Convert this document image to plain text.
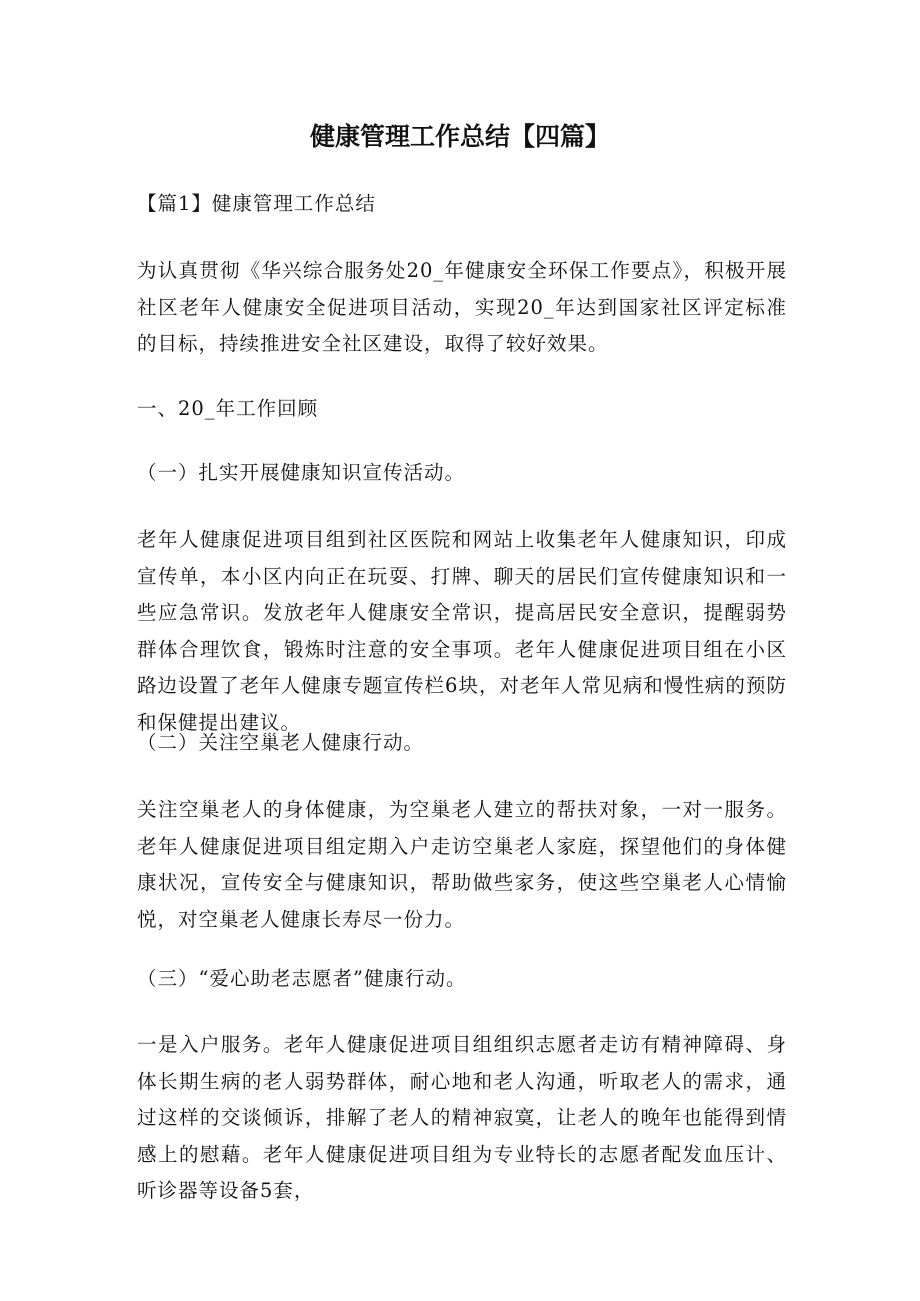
健康管理工作总结【四篇】
【篇1】健康管理工作总结

为认真贯彻《华兴综合服务处20_年健康安全环保工作要点》，积极开展社区老年人健康安全促进项目活动，实现20_年达到国家社区评定标准的目标，持续推进安全社区建设，取得了较好效果。

一、20_年工作回顾
（一）扎实开展健康知识宣传活动。

老年人健康促进项目组到社区医院和网站上收集老年人健康知识，印成宣传单，本小区内向正在玩耍、打牌、聊天的居民们宣传健康知识和一些应急常识。发放老年人健康安全常识，提高居民安全意识，提醒弱势群体合理饮食，锻炼时注意的安全事项。老年人健康促进项目组在小区路边设置了老年人健康专题宣传栏6块，对老年人常见病和慢性病的预防和保健提出建议。

（二）关注空巢老人健康行动。

关注空巢老人的身体健康，为空巢老人建立的帮扶对象，一对一服务。老年人健康促进项目组定期入户走访空巢老人家庭，探望他们的身体健康状况，宣传安全与健康知识，帮助做些家务，使这些空巢老人心情愉悦，对空巢老人健康长寿尽一份力。

（三）“爱心助老志愿者”健康行动。

一是入户服务。老年人健康促进项目组组织志愿者走访有精神障碍、身体长期生病的老人弱势群体，耐心地和老人沟通，听取老人的需求，通过这样的交谈倾诉，排解了老人的精神寂寞，让老人的晚年也能得到情感上的慰藉。老年人健康促进项目组为专业特长的志愿者配发血压计、听诊器等设备5套，
